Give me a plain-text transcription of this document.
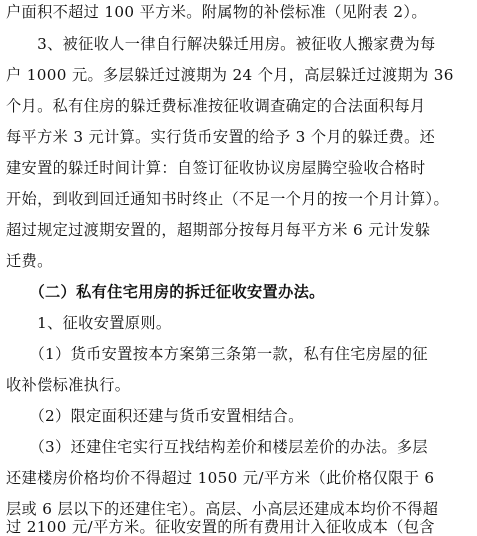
户面积不超过 100 平方米。附属物的补偿标准（见附表 2）。
　　3、被征收人一律自行解决躲迁用房。被征收人搬家费为每
户 1000 元。多层躲迁过渡期为 24 个月，高层躲迁过渡期为 36
个月。私有住房的躲迁费标准按征收调查确定的合法面积每月
每平方米 3 元计算。实行货币安置的给予 3 个月的躲迁费。还
建安置的躲迁时间计算：自签订征收协议房屋腾空验收合格时
开始，到收到回迁通知书时终止（不足一个月的按一个月计算）。
超过规定过渡期安置的，超期部分按每月每平方米 6 元计发躲
迁费。
　　（二）私有住宅用房的拆迁征收安置办法。
　　1、征收安置原则。
　　（1）货币安置按本方案第三条第一款，私有住宅房屋的征
收补偿标准执行。
　　（2）限定面积还建与货币安置相结合。
　　（3）还建住宅实行互找结构差价和楼层差价的办法。多层
还建楼房价格均价不得超过 1050 元/平方米（此价格仅限于 6
层或 6 层以下的还建住宅）。高层、小高层还建成本均价不得超
过 2100 元/平方米。征收安置的所有费用计入征收成本（包含
